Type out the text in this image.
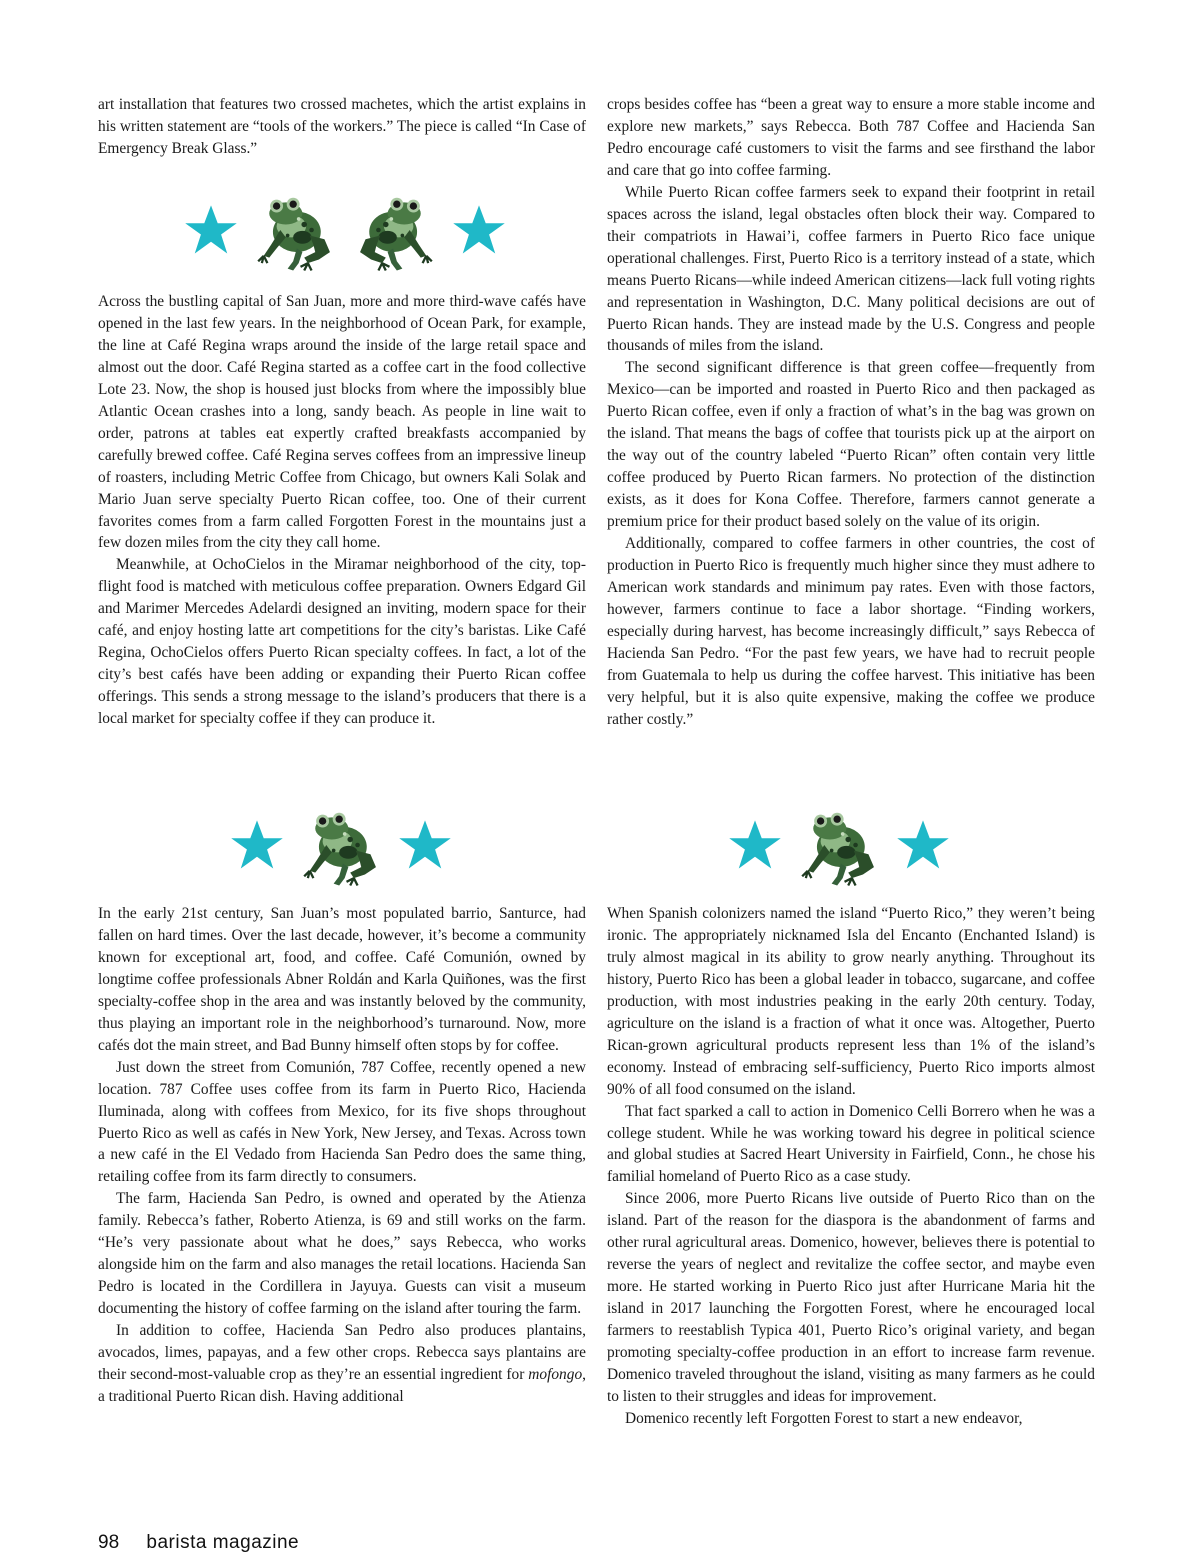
art installation that features two crossed machetes, which the artist explains in his written statement are “tools of the workers.” The piece is called “In Case of Emergency Break Glass.”

Across the bustling capital of San Juan, more and more third-wave cafés have opened in the last few years. In the neighborhood of Ocean Park, for example, the line at Café Regina wraps around the inside of the large retail space and almost out the door. Café Regina started as a coffee cart in the food collective Lote 23. Now, the shop is housed just blocks from where the impossibly blue Atlantic Ocean crashes into a long, sandy beach. As people in line wait to order, patrons at tables eat expertly crafted breakfasts accompanied by carefully brewed coffee. Café Regina serves coffees from an impressive lineup of roasters, including Metric Coffee from Chicago, but owners Kali Solak and Mario Juan serve specialty Puerto Rican coffee, too. One of their current favorites comes from a farm called Forgotten Forest in the mountains just a few dozen miles from the city they call home.

Meanwhile, at OchoCielos in the Miramar neighborhood of the city, top-flight food is matched with meticulous coffee preparation. Owners Edgard Gil and Marimer Mercedes Adelardi designed an inviting, modern space for their café, and enjoy hosting latte art competitions for the city’s baristas. Like Café Regina, OchoCielos offers Puerto Rican specialty coffees. In fact, a lot of the city’s best cafés have been adding or expanding their Puerto Rican coffee offerings. This sends a strong message to the island’s producers that there is a local market for specialty coffee if they can produce it.

In the early 21st century, San Juan’s most populated barrio, Santurce, had fallen on hard times. Over the last decade, however, it’s become a community known for exceptional art, food, and coffee. Café Comunión, owned by longtime coffee professionals Abner Roldán and Karla Quiñones, was the first specialty-coffee shop in the area and was instantly beloved by the community, thus playing an important role in the neighborhood’s turnaround. Now, more cafés dot the main street, and Bad Bunny himself often stops by for coffee.

Just down the street from Comunión, 787 Coffee, recently opened a new location. 787 Coffee uses coffee from its farm in Puerto Rico, Hacienda Iluminada, along with coffees from Mexico, for its five shops throughout Puerto Rico as well as cafés in New York, New Jersey, and Texas. Across town a new café in the El Vedado from Hacienda San Pedro does the same thing, retailing coffee from its farm directly to consumers.

The farm, Hacienda San Pedro, is owned and operated by the Atienza family. Rebecca’s father, Roberto Atienza, is 69 and still works on the farm. “He’s very passionate about what he does,” says Rebecca, who works alongside him on the farm and also manages the retail locations. Hacienda San Pedro is located in the Cordillera in Jayuya. Guests can visit a museum documenting the history of coffee farming on the island after touring the farm.

In addition to coffee, Hacienda San Pedro also produces plantains, avocados, limes, papayas, and a few other crops. Rebecca says plantains are their second-most-valuable crop as they’re an essential ingredient for mofongo, a traditional Puerto Rican dish. Having additional

crops besides coffee has “been a great way to ensure a more stable income and explore new markets,” says Rebecca. Both 787 Coffee and Hacienda San Pedro encourage café customers to visit the farms and see firsthand the labor and care that go into coffee farming.

While Puerto Rican coffee farmers seek to expand their footprint in retail spaces across the island, legal obstacles often block their way. Compared to their compatriots in Hawai’i, coffee farmers in Puerto Rico face unique operational challenges. First, Puerto Rico is a territory instead of a state, which means Puerto Ricans—while indeed American citizens—lack full voting rights and representation in Washington, D.C. Many political decisions are out of Puerto Rican hands. They are instead made by the U.S. Congress and people thousands of miles from the island.

The second significant difference is that green coffee—frequently from Mexico—can be imported and roasted in Puerto Rico and then packaged as Puerto Rican coffee, even if only a fraction of what’s in the bag was grown on the island. That means the bags of coffee that tourists pick up at the airport on the way out of the country labeled “Puerto Rican” often contain very little coffee produced by Puerto Rican farmers. No protection of the distinction exists, as it does for Kona Coffee. Therefore, farmers cannot generate a premium price for their product based solely on the value of its origin.

Additionally, compared to coffee farmers in other countries, the cost of production in Puerto Rico is frequently much higher since they must adhere to American work standards and minimum pay rates. Even with those factors, however, farmers continue to face a labor shortage. “Finding workers, especially during harvest, has become increasingly difficult,” says Rebecca of Hacienda San Pedro. “For the past few years, we have had to recruit people from Guatemala to help us during the coffee harvest. This initiative has been very helpful, but it is also quite expensive, making the coffee we produce rather costly.”

When Spanish colonizers named the island “Puerto Rico,” they weren’t being ironic. The appropriately nicknamed Isla del Encanto (Enchanted Island) is truly almost magical in its ability to grow nearly anything. Throughout its history, Puerto Rico has been a global leader in tobacco, sugarcane, and coffee production, with most industries peaking in the early 20th century. Today, agriculture on the island is a fraction of what it once was. Altogether, Puerto Rican-grown agricultural products represent less than 1% of the island’s economy. Instead of embracing self-sufficiency, Puerto Rico imports almost 90% of all food consumed on the island.

That fact sparked a call to action in Domenico Celli Borrero when he was a college student. While he was working toward his degree in political science and global studies at Sacred Heart University in Fairfield, Conn., he chose his familial homeland of Puerto Rico as a case study.

Since 2006, more Puerto Ricans live outside of Puerto Rico than on the island. Part of the reason for the diaspora is the abandonment of farms and other rural agricultural areas. Domenico, however, believes there is potential to reverse the years of neglect and revitalize the coffee sector, and maybe even more. He started working in Puerto Rico just after Hurricane Maria hit the island in 2017 launching the Forgotten Forest, where he encouraged local farmers to reestablish Typica 401, Puerto Rico’s original variety, and began promoting specialty-coffee production in an effort to increase farm revenue. Domenico traveled throughout the island, visiting as many farmers as he could to listen to their struggles and ideas for improvement.

Domenico recently left Forgotten Forest to start a new endeavor,

98 barista magazine
